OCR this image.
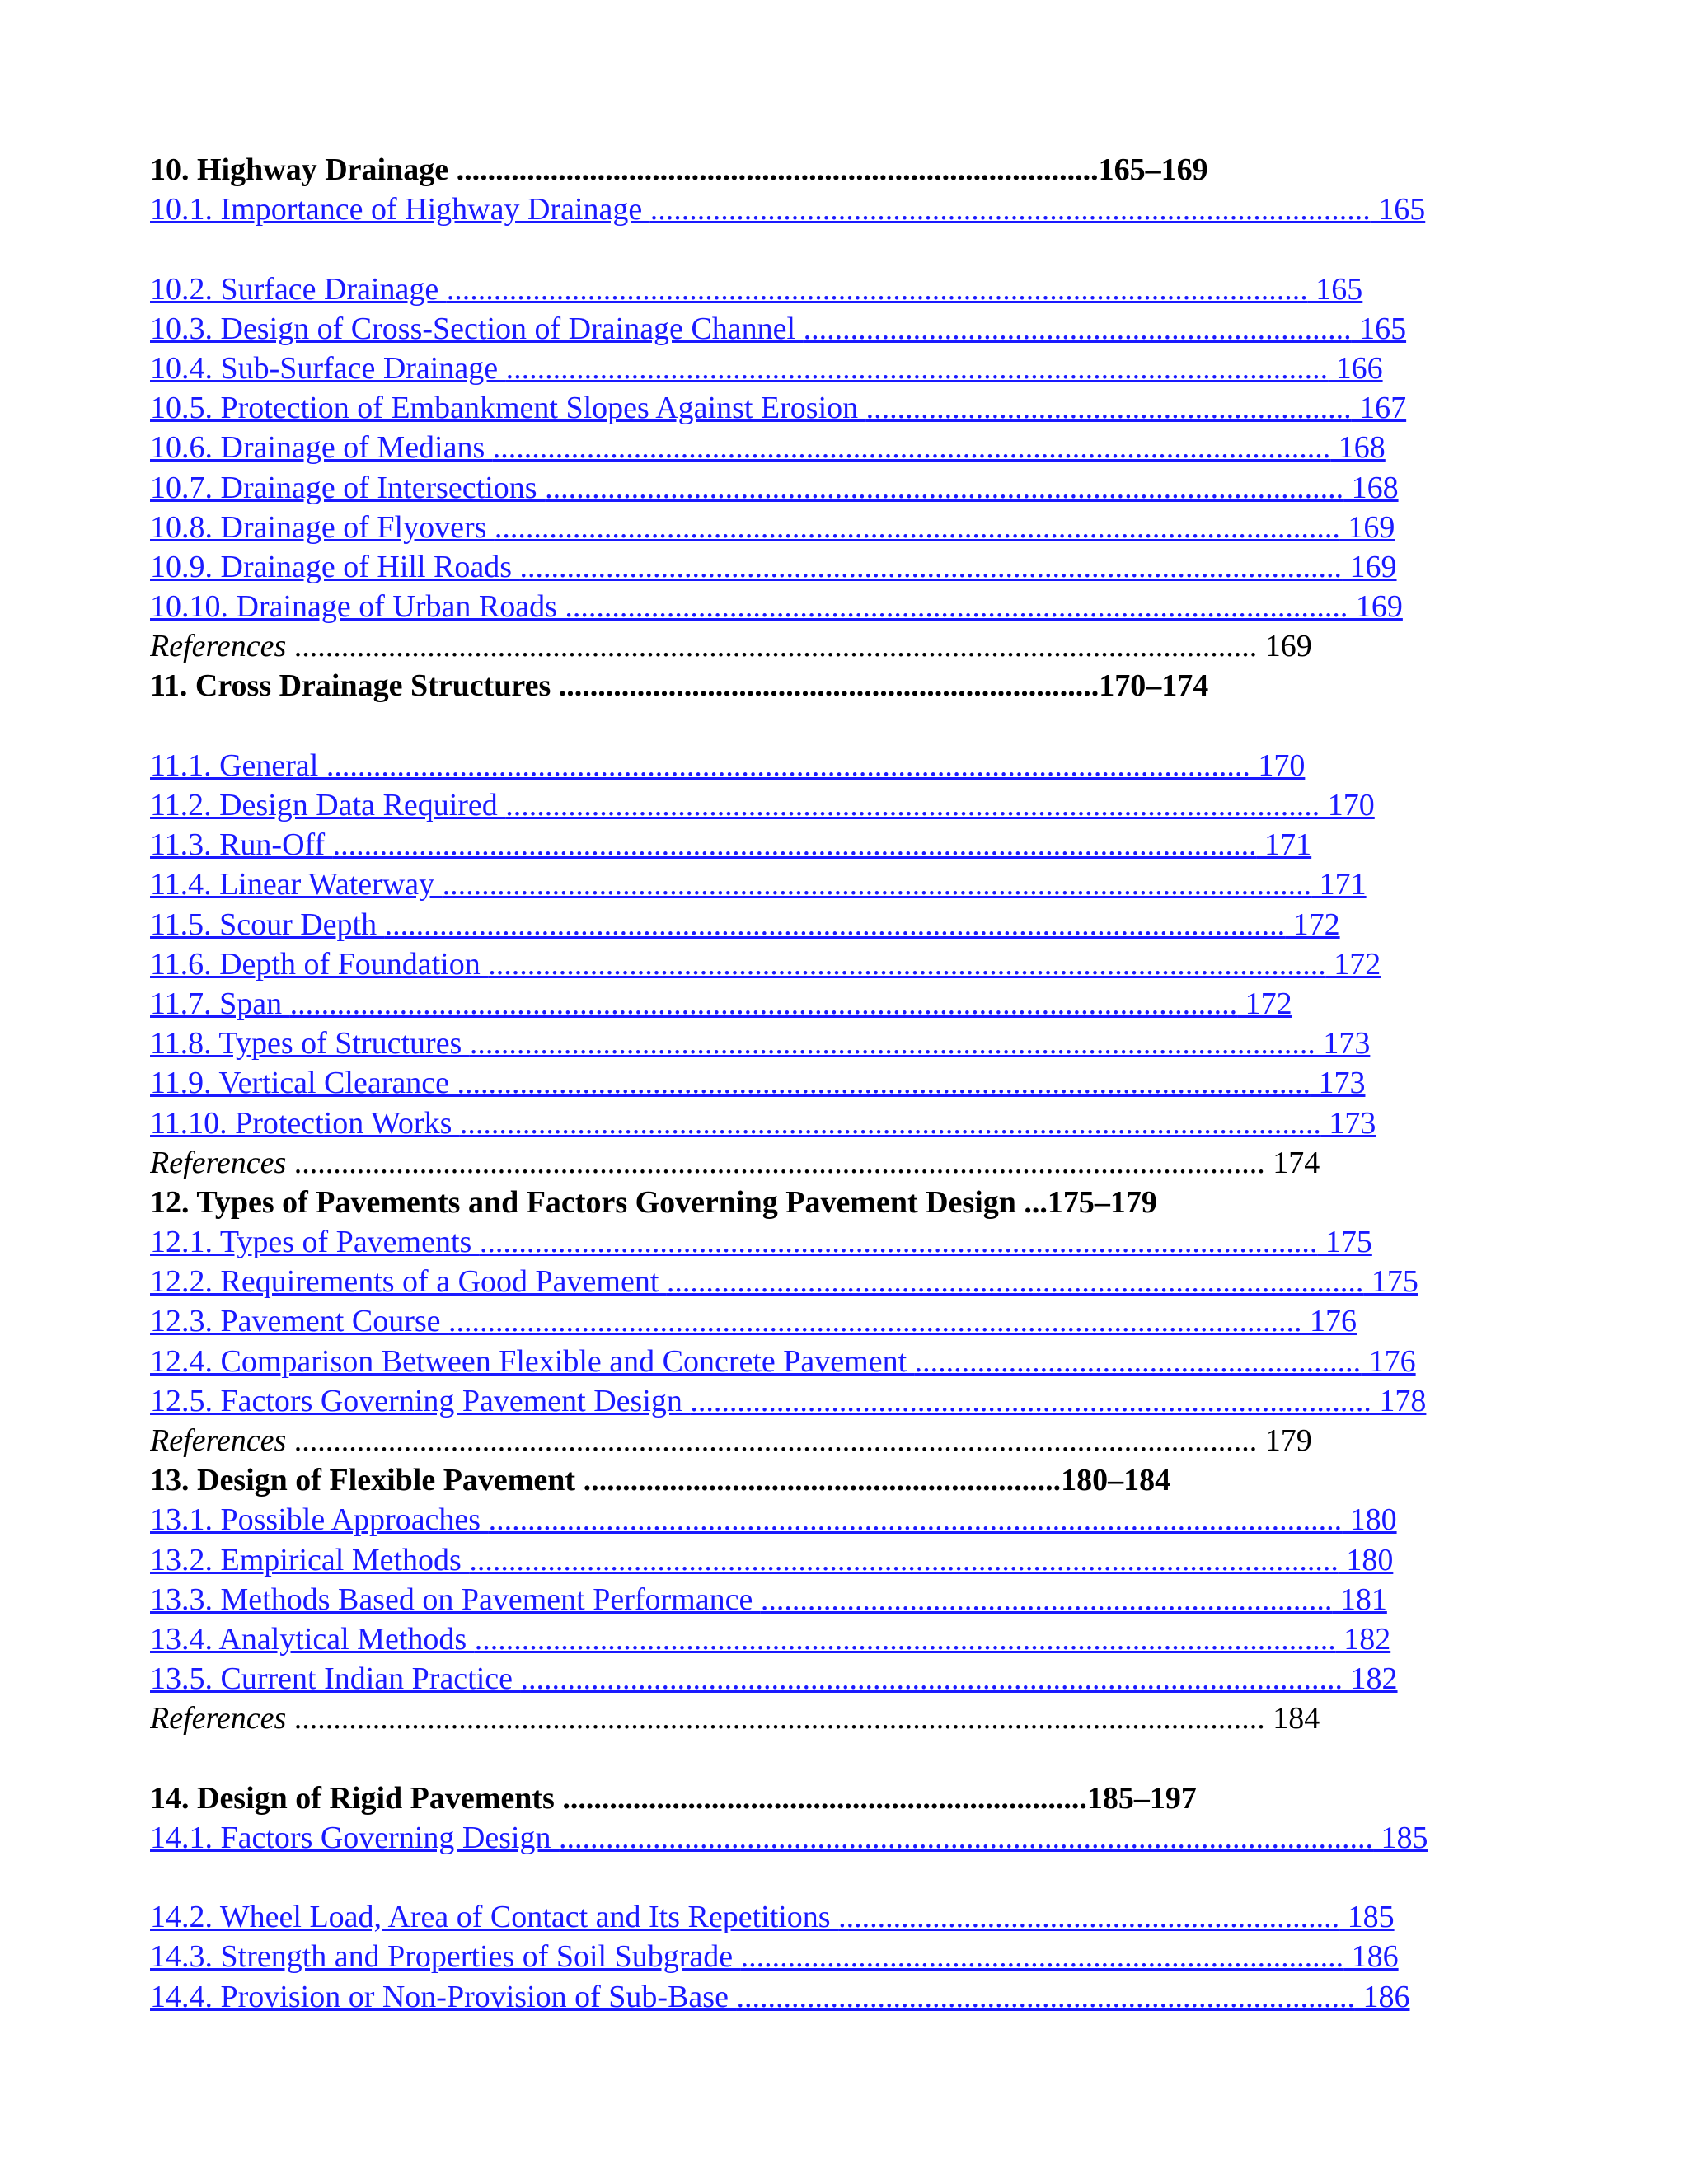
10. Highway Drainage ..................................................................................165–169
10.1. Importance of Highway Drainage ............................................................................................ 165
10.2. Surface Drainage .............................................................................................................. 165
10.3. Design of Cross-Section of Drainage Channel ...................................................................... 165
10.4. Sub-Surface Drainage ......................................................................................................... 166
10.5. Protection of Embankment Slopes Against Erosion .............................................................. 167
10.6. Drainage of Medians ........................................................................................................... 168
10.7. Drainage of Intersections ...................................................................................................... 168
10.8. Drainage of Flyovers ............................................................................................................ 169
10.9. Drainage of Hill Roads ......................................................................................................... 169
10.10. Drainage of Urban Roads .................................................................................................... 169
References ........................................................................................................................... 169
11. Cross Drainage Structures .....................................................................170–174
11.1. General ...................................................................................................................... 170
11.2. Design Data Required ........................................................................................................ 170
11.3. Run-Off ...................................................................................................................... 171
11.4. Linear Waterway ............................................................................................................... 171
11.5. Scour Depth ................................................................................................................... 172
11.6. Depth of Foundation ........................................................................................................... 172
11.7. Span ......................................................................................................................... 172
11.8. Types of Structures ............................................................................................................ 173
11.9. Vertical Clearance ............................................................................................................. 173
11.10. Protection Works .............................................................................................................. 173
References ............................................................................................................................ 174
12. Types of Pavements and Factors Governing Pavement Design ...175–179
12.1. Types of Pavements ........................................................................................................... 175
12.2. Requirements of a Good Pavement ......................................................................................... 175
12.3. Pavement Course ............................................................................................................. 176
12.4. Comparison Between Flexible and Concrete Pavement ......................................................... 176
12.5. Factors Governing Pavement Design ....................................................................................... 178
References ........................................................................................................................... 179
13. Design of Flexible Pavement .............................................................180–184
13.1. Possible Approaches ............................................................................................................. 180
13.2. Empirical Methods ............................................................................................................... 180
13.3. Methods Based on Pavement Performance ......................................................................... 181
13.4. Analytical Methods .............................................................................................................. 182
13.5. Current Indian Practice ......................................................................................................... 182
References ............................................................................................................................ 184
14. Design of Rigid Pavements ...................................................................185–197
14.1. Factors Governing Design ........................................................................................................ 185
14.2. Wheel Load, Area of Contact and Its Repetitions ................................................................ 185
14.3. Strength and Properties of Soil Subgrade ............................................................................. 186
14.4. Provision or Non-Provision of Sub-Base ............................................................................... 186
